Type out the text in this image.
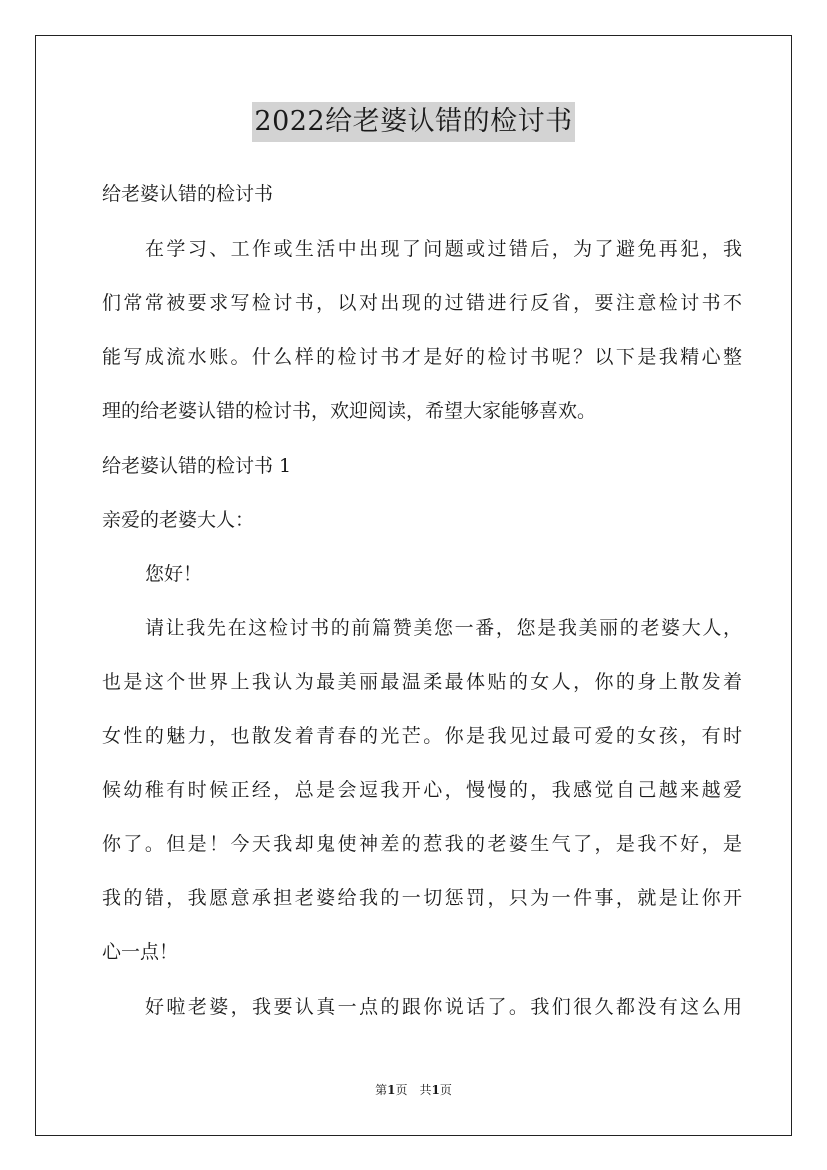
2022给老婆认错的检讨书
给老婆认错的检讨书
在学习、工作或生活中出现了问题或过错后，为了避免再犯，我
们常常被要求写检讨书，以对出现的过错进行反省，要注意检讨书不
能写成流水账。什么样的检讨书才是好的检讨书呢？以下是我精心整
理的给老婆认错的检讨书，欢迎阅读，希望大家能够喜欢。
给老婆认错的检讨书 1
亲爱的老婆大人：
您好！
请让我先在这检讨书的前篇赞美您一番，您是我美丽的老婆大人，
也是这个世界上我认为最美丽最温柔最体贴的女人，你的身上散发着
女性的魅力，也散发着青春的光芒。你是我见过最可爱的女孩，有时
候幼稚有时候正经，总是会逗我开心，慢慢的，我感觉自己越来越爱
你了。但是！今天我却鬼使神差的惹我的老婆生气了，是我不好，是
我的错，我愿意承担老婆给我的一切惩罚，只为一件事，就是让你开
心一点！
好啦老婆，我要认真一点的跟你说话了。我们很久都没有这么用
第1页 共1页
